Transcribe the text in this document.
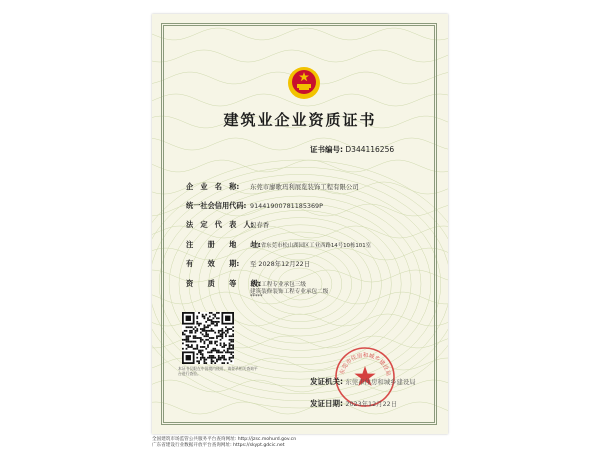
建筑业企业资质证书
证书编号: D344116256
企　业　名　称: 东莞市廖歌玛利展览装饰工程有限公司
统一社会信用代码: 91441900781185369P
法　定　代　表　人:包春香
注　　册　　地　　址:广东省东莞市松山湖园区工业西路14号10栋101室
有　　效　　期: 至 2028年12月22日
资　　质　　等　　级:环保工程专业承包三级
建筑装修装饰工程专业承包二级
*****
本证书仅限在中国境内使用，请登录相关查询平台进行查验。	东莞市住房和城乡建设局
发证机关: 东莞市住房和城乡建设局
发证日期: 2023年12月22日
全国建筑市场监管公共服务平台查询网址: http://jzsc.mohurd.gov.cn
广东省建设行业数据开放平台查询网址: https://skypt.gdcic.net
